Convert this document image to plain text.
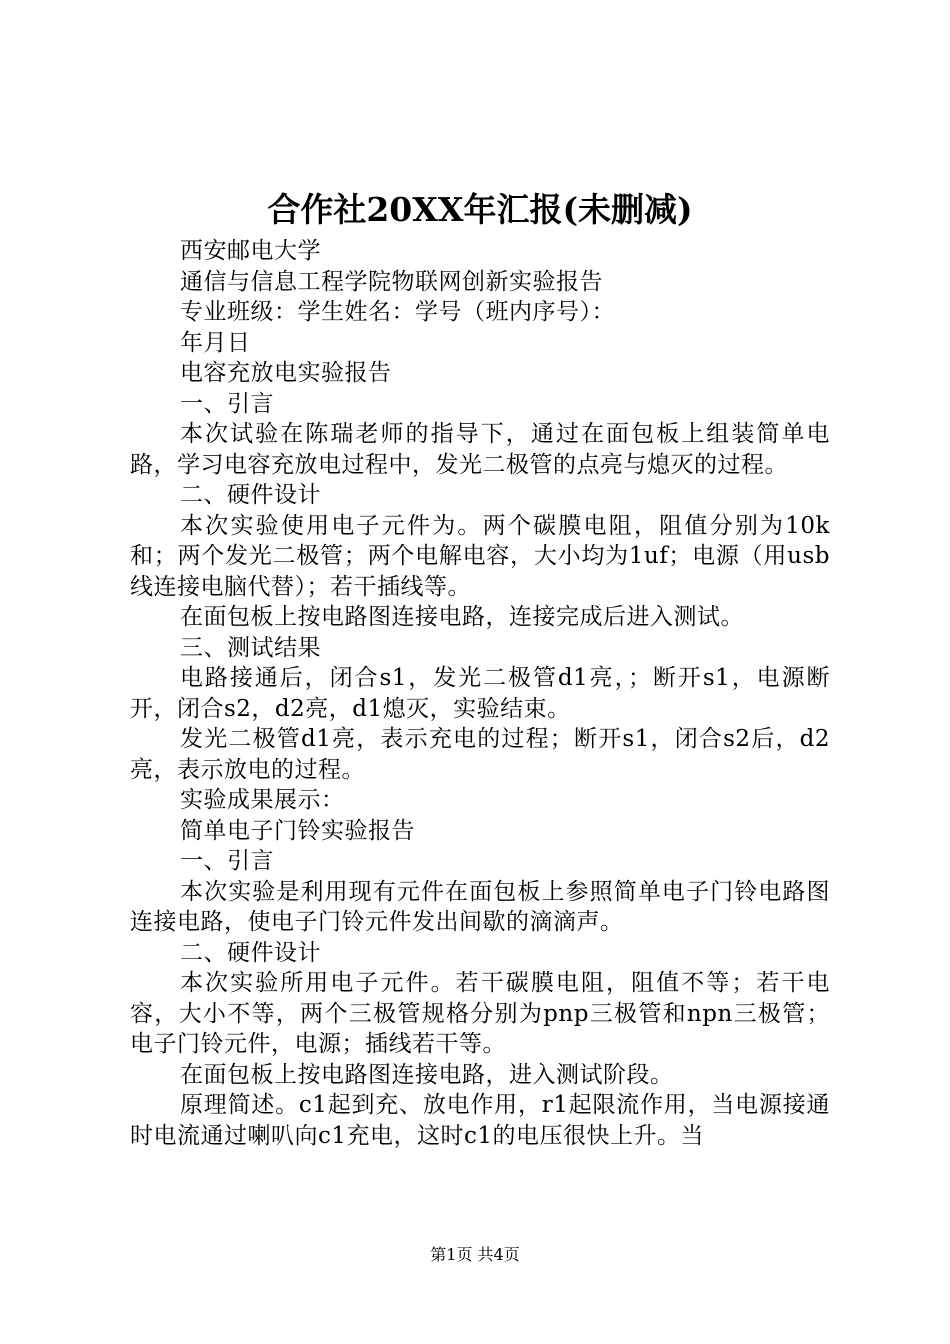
合作社20XX年汇报(未删减)

西安邮电大学

通信与信息工程学院物联网创新实验报告

专业班级：学生姓名：学号（班内序号）：

年月日

电容充放电实验报告

一、引言

本次试验在陈瑞老师的指导下，通过在面包板上组装简单电路，学习电容充放电过程中，发光二极管的点亮与熄灭的过程。

二、硬件设计

本次实验使用电子元件为。两个碳膜电阻，阻值分别为10k和；两个发光二极管；两个电解电容，大小均为1uf；电源（用usb线连接电脑代替）；若干插线等。

在面包板上按电路图连接电路，连接完成后进入测试。

三、测试结果

电路接通后，闭合s1，发光二极管d1亮，；断开s1，电源断开，闭合s2，d2亮，d1熄灭，实验结束。

发光二极管d1亮，表示充电的过程；断开s1，闭合s2后，d2亮，表示放电的过程。

实验成果展示：

简单电子门铃实验报告

一、引言

本次实验是利用现有元件在面包板上参照简单电子门铃电路图连接电路，使电子门铃元件发出间歇的滴滴声。

二、硬件设计

本次实验所用电子元件。若干碳膜电阻，阻值不等；若干电容，大小不等，两个三极管规格分别为pnp三极管和npn三极管；电子门铃元件，电源；插线若干等。

在面包板上按电路图连接电路，进入测试阶段。

原理简述。c1起到充、放电作用，r1起限流作用，当电源接通时电流通过喇叭向c1充电，这时c1的电压很快上升。当

第1页 共4页
